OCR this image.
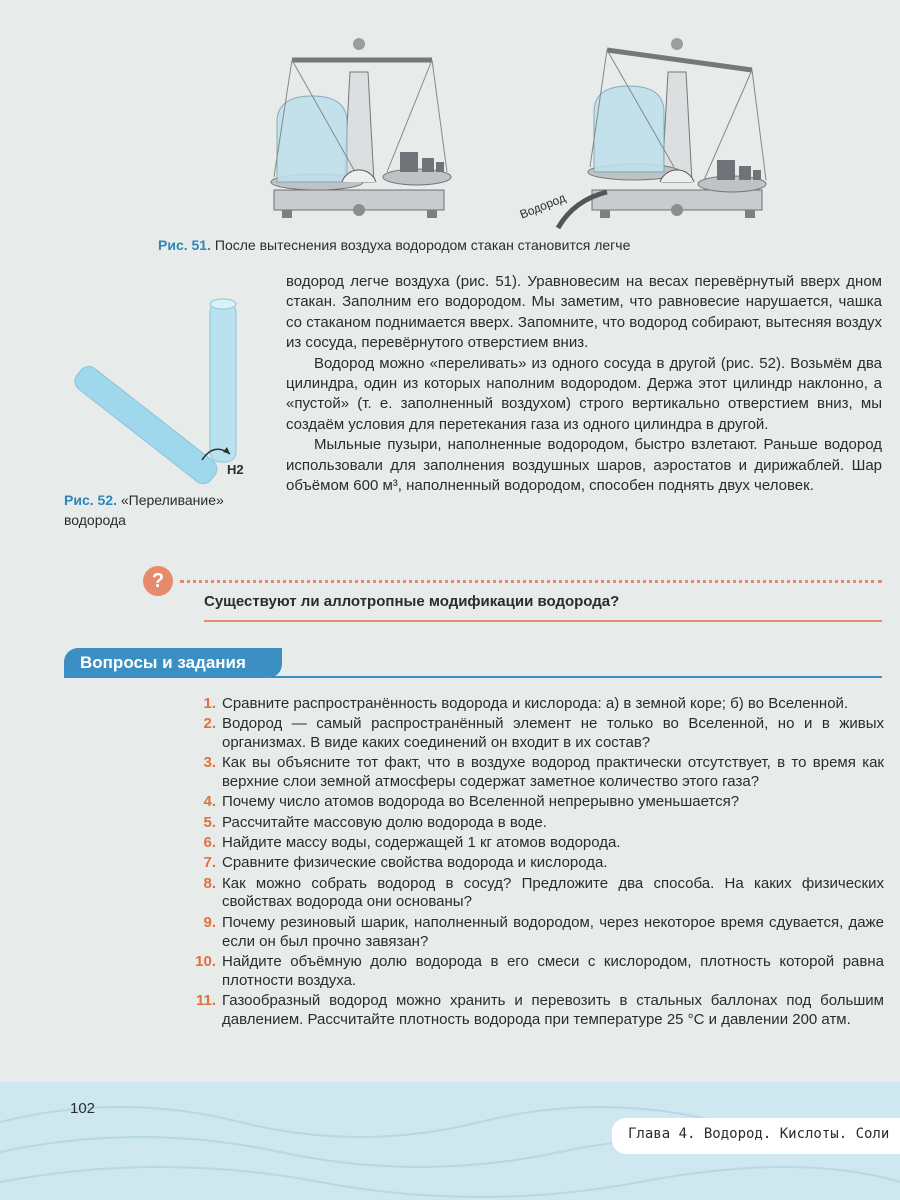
Водород
Рис. 51. После вытеснения воздуха водородом стакан становится легче
H2
Рис. 52. «Переливание» водорода

водород легче воздуха (рис. 51). Уравновесим на весах перевёрнутый вверх дном стакан. Заполним его водородом. Мы заметим, что равновесие нарушается, чашка со стаканом поднимается вверх. Запомните, что водород собирают, вытесняя воздух из сосуда, перевёрнутого отверстием вниз.

Водород можно «переливать» из одного сосуда в другой (рис. 52). Возьмём два цилиндра, один из которых наполним водородом. Держа этот цилиндр наклонно, а «пустой» (т. е. заполненный воздухом) строго вертикально отверстием вниз, мы создаём условия для перетекания газа из одного цилиндра в другой.

Мыльные пузыри, наполненные водородом, быстро взлетают. Раньше водород использовали для заполнения воздушных шаров, аэростатов и дирижаблей. Шар объёмом 600 м³, наполненный водородом, способен поднять двух человек.

?
Существуют ли аллотропные модификации водорода?
Вопросы и задания
1. Сравните распространённость водорода и кислорода: а) в земной коре; б) во Вселенной.
2. Водород — самый распространённый элемент не только во Вселенной, но и в живых организмах. В виде каких соединений он входит в их состав?
3. Как вы объясните тот факт, что в воздухе водород практически отсутствует, в то время как верхние слои земной атмосферы содержат заметное количество этого газа?
4. Почему число атомов водорода во Вселенной непрерывно уменьшается?
5. Рассчитайте массовую долю водорода в воде.
6. Найдите массу воды, содержащей 1 кг атомов водорода.
7. Сравните физические свойства водорода и кислорода.
8. Как можно собрать водород в сосуд? Предложите два способа. На каких физических свойствах водорода они основаны?
9. Почему резиновый шарик, наполненный водородом, через некоторое время сдувается, даже если он был прочно завязан?
10. Найдите объёмную долю водорода в его смеси с кислородом, плотность которой равна плотности воздуха.
11. Газообразный водород можно хранить и перевозить в стальных баллонах под большим давлением. Рассчитайте плотность водорода при температуре 25 °C и давлении 200 атм.
102
Глава 4. Водород. Кислоты. Соли
